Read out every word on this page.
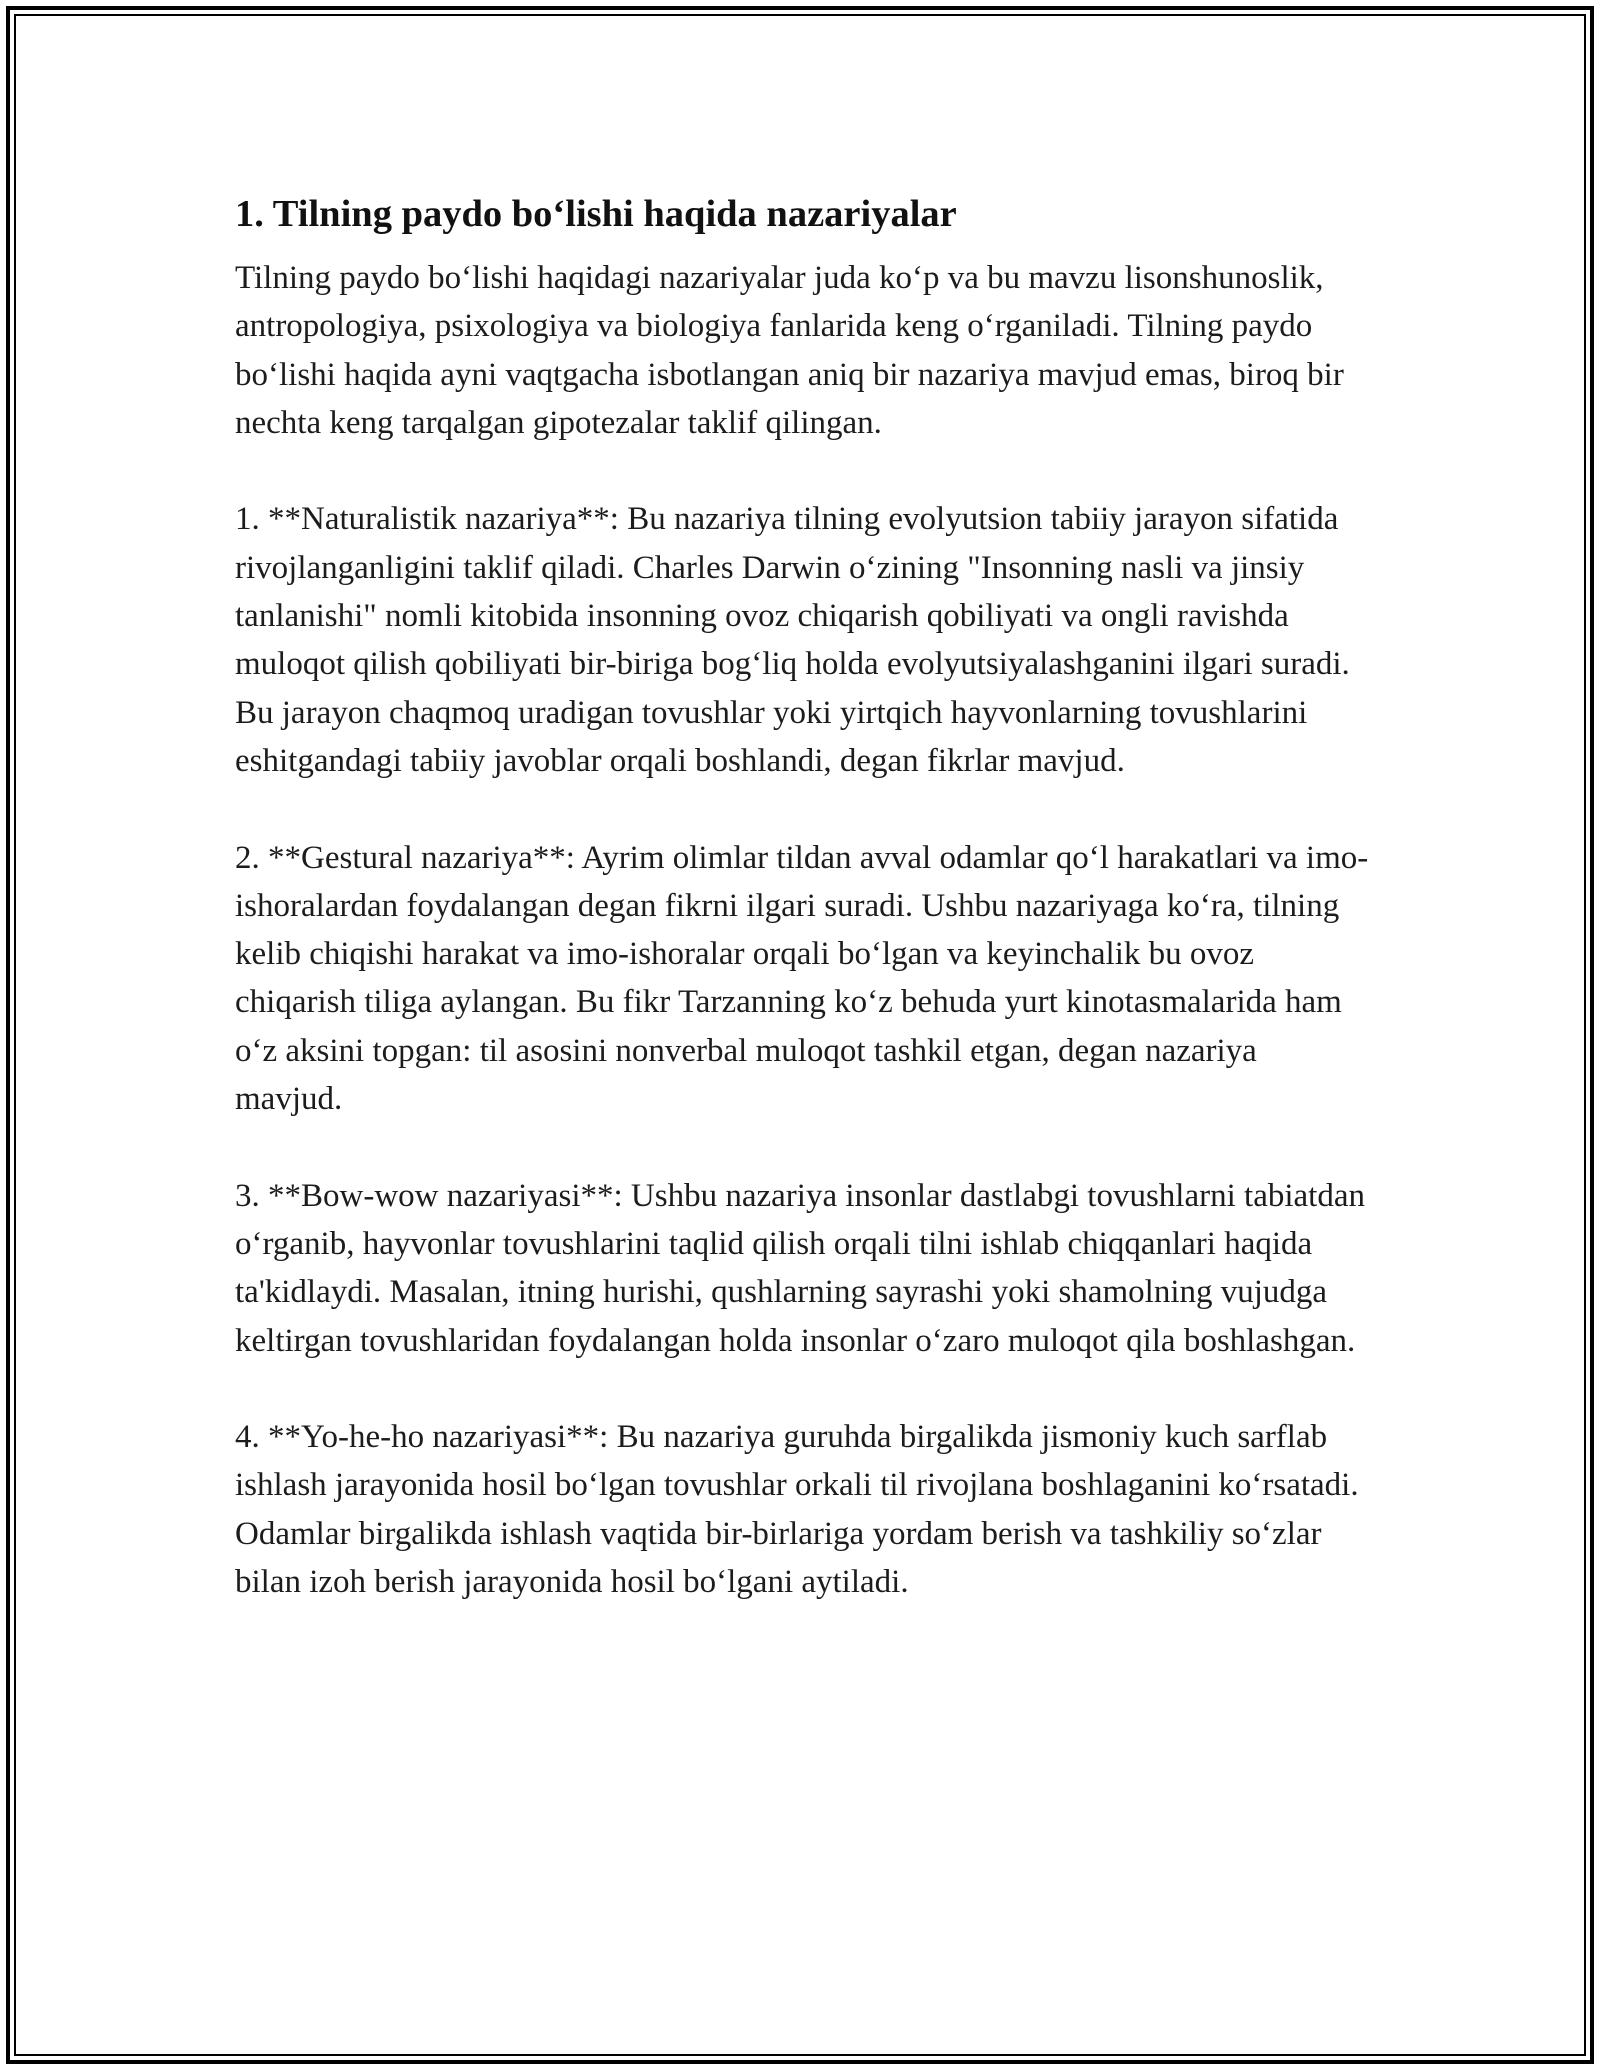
1. Tilning paydo bo‘lishi haqida nazariyalar

Tilning paydo bo‘lishi haqidagi nazariyalar juda ko‘p va bu mavzu lisonshunoslik, antropologiya, psixologiya va biologiya fanlarida keng o‘rganiladi. Tilning paydo bo‘lishi haqida ayni vaqtgacha isbotlangan aniq bir nazariya mavjud emas, biroq bir nechta keng tarqalgan gipotezalar taklif qilingan.

1. **Naturalistik nazariya**: Bu nazariya tilning evolyutsion tabiiy jarayon sifatida rivojlanganligini taklif qiladi. Charles Darwin o‘zining "Insonning nasli va jinsiy tanlanishi" nomli kitobida insonning ovoz chiqarish qobiliyati va ongli ravishda muloqot qilish qobiliyati bir-biriga bog‘liq holda evolyutsiyalashganini ilgari suradi. Bu jarayon chaqmoq uradigan tovushlar yoki yirtqich hayvonlarning tovushlarini eshitgandagi tabiiy javoblar orqali boshlandi, degan fikrlar mavjud.

2. **Gestural nazariya**: Ayrim olimlar tildan avval odamlar qo‘l harakatlari va imo-ishoralardan foydalangan degan fikrni ilgari suradi. Ushbu nazariyaga ko‘ra, tilning kelib chiqishi harakat va imo-ishoralar orqali bo‘lgan va keyinchalik bu ovoz chiqarish tiliga aylangan. Bu fikr Tarzanning ko‘z behuda yurt kinotasmalarida ham o‘z aksini topgan: til asosini nonverbal muloqot tashkil etgan, degan nazariya mavjud.

3. **Bow-wow nazariyasi**: Ushbu nazariya insonlar dastlabgi tovushlarni tabiatdan o‘rganib, hayvonlar tovushlarini taqlid qilish orqali tilni ishlab chiqqanlari haqida ta'kidlaydi. Masalan, itning hurishi, qushlarning sayrashi yoki shamolning vujudga keltirgan tovushlaridan foydalangan holda insonlar o‘zaro muloqot qila boshlashgan.

4. **Yo-he-ho nazariyasi**: Bu nazariya guruhda birgalikda jismoniy kuch sarflab ishlash jarayonida hosil bo‘lgan tovushlar orkali til rivojlana boshlaganini ko‘rsatadi. Odamlar birgalikda ishlash vaqtida bir-birlariga yordam berish va tashkiliy so‘zlar bilan izoh berish jarayonida hosil bo‘lgani aytiladi.
